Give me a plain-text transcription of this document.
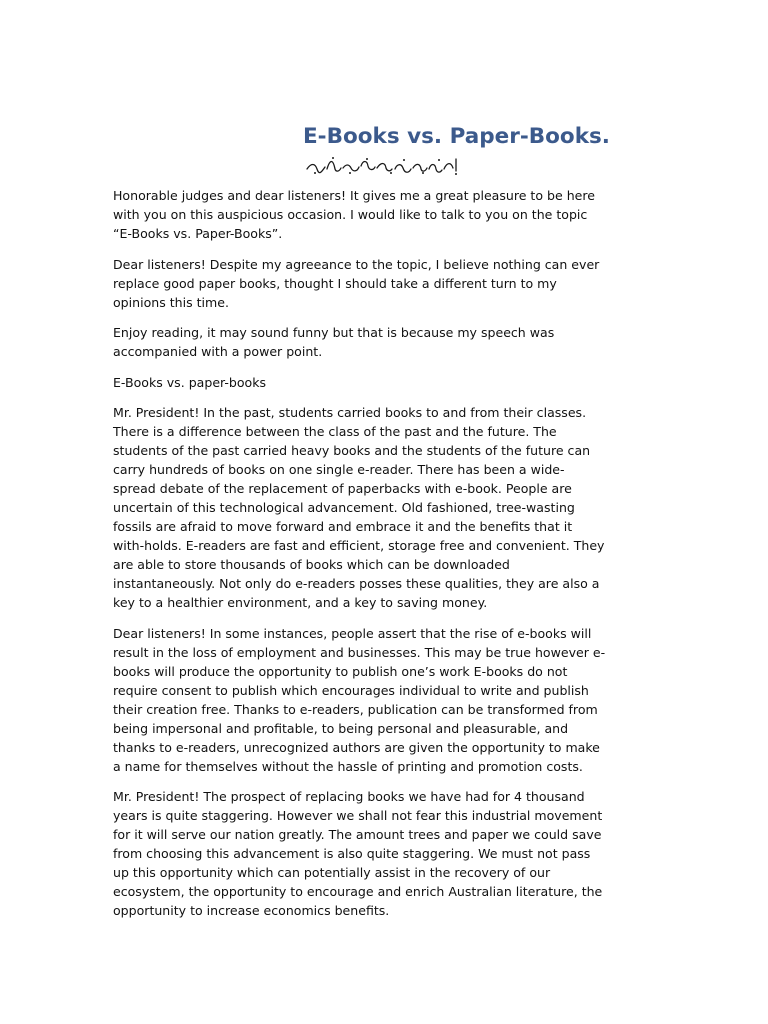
E-Books vs. Paper-Books.
Honorable judges and dear listeners! It gives me a great pleasure to be here
with you on this auspicious occasion. I would like to talk to you on the topic
“E-Books vs. Paper-Books”.
Dear listeners! Despite my agreeance to the topic, I believe nothing can ever
replace good paper books, thought I should take a different turn to my
opinions this time.
Enjoy reading, it may sound funny but that is because my speech was
accompanied with a power point.
E-Books vs. paper-books
Mr. President! In the past, students carried books to and from their classes.
There is a difference between the class of the past and the future. The
students of the past carried heavy books and the students of the future can
carry hundreds of books on one single e-reader. There has been a wide-
spread debate of the replacement of paperbacks with e-book. People are
uncertain of this technological advancement. Old fashioned, tree-wasting
fossils are afraid to move forward and embrace it and the benefits that it
with-holds. E-readers are fast and efficient, storage free and convenient. They
are able to store thousands of books which can be downloaded
instantaneously. Not only do e-readers posses these qualities, they are also a
key to a healthier environment, and a key to saving money.
Dear listeners! In some instances, people assert that the rise of e-books will
result in the loss of employment and businesses. This may be true however e-
books will produce the opportunity to publish one’s work E-books do not
require consent to publish which encourages individual to write and publish
their creation free. Thanks to e-readers, publication can be transformed from
being impersonal and profitable, to being personal and pleasurable, and
thanks to e-readers, unrecognized authors are given the opportunity to make
a name for themselves without the hassle of printing and promotion costs.
Mr. President! The prospect of replacing books we have had for 4 thousand
years is quite staggering. However we shall not fear this industrial movement
for it will serve our nation greatly. The amount trees and paper we could save
from choosing this advancement is also quite staggering. We must not pass
up this opportunity which can potentially assist in the recovery of our
ecosystem, the opportunity to encourage and enrich Australian literature, the
opportunity to increase economics benefits.
